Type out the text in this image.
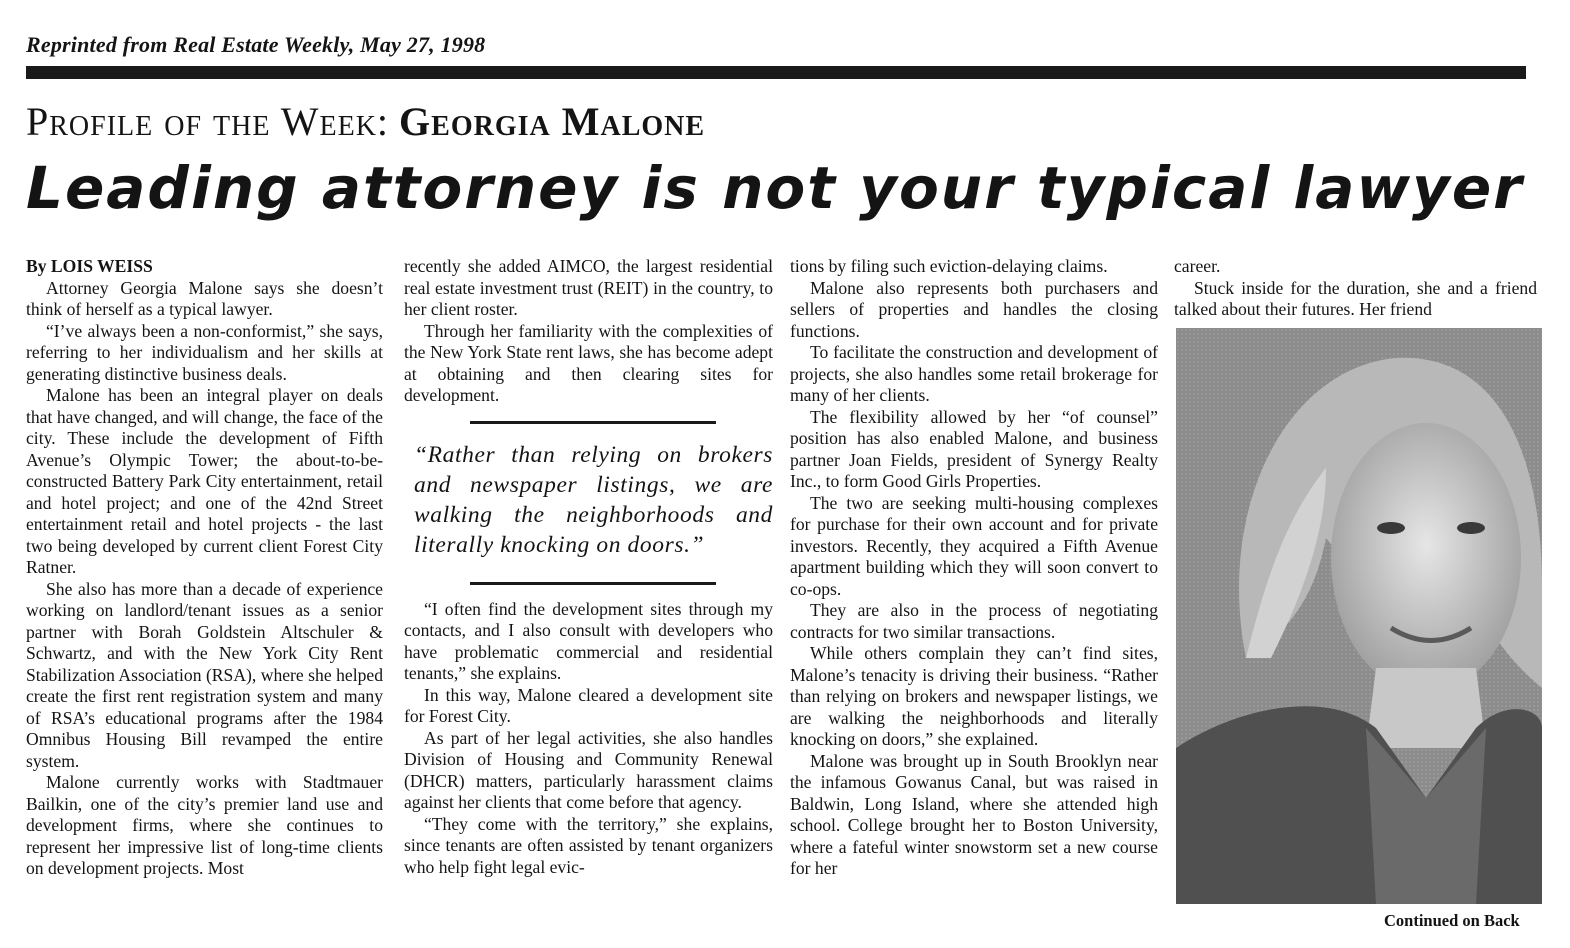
Reprinted from Real Estate Weekly, May 27, 1998

Profile of the Week: Georgia Malone
Leading attorney is not your typical lawyer

By LOIS WEISS

Attorney Georgia Malone says she doesn’t think of herself as a typical lawyer.

“I’ve always been a non-conformist,” she says, referring to her individualism and her skills at generating distinctive business deals.

Malone has been an integral player on deals that have changed, and will change, the face of the city. These include the development of Fifth Avenue’s Olympic Tower; the about-to-be-constructed Battery Park City entertainment, retail and hotel project; and one of the 42nd Street entertainment retail and hotel projects - the last two being developed by current client Forest City Ratner.

She also has more than a decade of experience working on landlord/tenant issues as a senior partner with Borah Goldstein Altschuler & Schwartz, and with the New York City Rent Stabilization Association (RSA), where she helped create the first rent registration system and many of RSA’s educational programs after the 1984 Omnibus Housing Bill revamped the entire system.

Malone currently works with Stadtmauer Bailkin, one of the city’s premier land use and development firms, where she continues to represent her impressive list of long-time clients on development projects. Most

recently she added AIMCO, the largest residential real estate investment trust (REIT) in the country, to her client roster.

Through her familiarity with the complexities of the New York State rent laws, she has become adept at obtaining and then clearing sites for development.

“Rather than relying on brokers and newspaper listings, we are walking the neighborhoods and literally knocking on doors.”

“I often find the development sites through my contacts, and I also consult with developers who have problematic commercial and residential tenants,” she explains.

In this way, Malone cleared a development site for Forest City.

As part of her legal activities, she also handles Division of Housing and Community Renewal (DHCR) matters, particularly harassment claims against her clients that come before that agency.

“They come with the territory,” she explains, since tenants are often assisted by tenant organizers who help fight legal evic-

tions by filing such eviction-delaying claims.

Malone also represents both purchasers and sellers of properties and handles the closing functions.

To facilitate the construction and development of projects, she also handles some retail brokerage for many of her clients.

The flexibility allowed by her “of counsel” position has also enabled Malone, and business partner Joan Fields, president of Synergy Realty Inc., to form Good Girls Properties.

The two are seeking multi-housing complexes for purchase for their own account and for private investors. Recently, they acquired a Fifth Avenue apartment building which they will soon convert to co-ops.

They are also in the process of negotiating contracts for two similar transactions.

While others complain they can’t find sites, Malone’s tenacity is driving their business. “Rather than relying on brokers and newspaper listings, we are walking the neighborhoods and literally knocking on doors,” she explained.

Malone was brought up in South Brooklyn near the infamous Gowanus Canal, but was raised in Baldwin, Long Island, where she attended high school. College brought her to Boston University, where a fateful winter snowstorm set a new course for her

career.

Stuck inside for the duration, she and a friend talked about their futures. Her friend

Continued on Back
